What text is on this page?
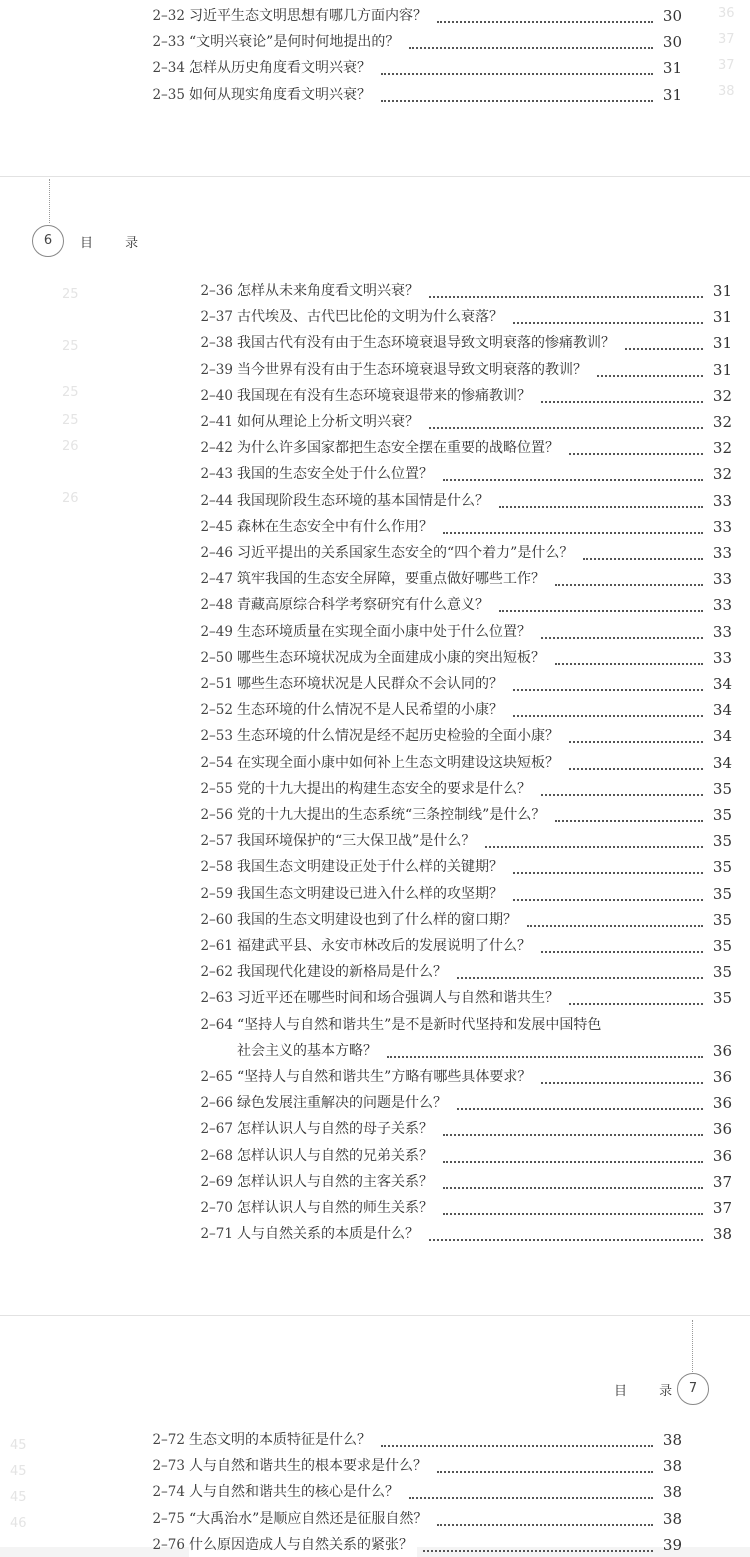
36
37
37
38
2–32 习近平生态文明思想有哪几方面内容？	30
2–33 “文明兴衰论”是何时何地提出的？	30
2–34 怎样从历史角度看文明兴衰？	31
2–35 如何从现实角度看文明兴衰？	31
6	目 录
25
25
25
25
26
26
2–36 怎样从未来角度看文明兴衰？	31
2–37 古代埃及、古代巴比伦的文明为什么衰落？	31
2–38 我国古代有没有由于生态环境衰退导致文明衰落的惨痛教训？	31
2–39 当今世界有没有由于生态环境衰退导致文明衰落的教训？	31
2–40 我国现在有没有生态环境衰退带来的惨痛教训？	32
2–41 如何从理论上分析文明兴衰？	32
2–42 为什么许多国家都把生态安全摆在重要的战略位置？	32
2–43 我国的生态安全处于什么位置？	32
2–44 我国现阶段生态环境的基本国情是什么？	33
2–45 森林在生态安全中有什么作用？	33
2–46 习近平提出的关系国家生态安全的“四个着力”是什么？	33
2–47 筑牢我国的生态安全屏障，要重点做好哪些工作？	33
2–48 青藏高原综合科学考察研究有什么意义？	33
2–49 生态环境质量在实现全面小康中处于什么位置？	33
2–50 哪些生态环境状况成为全面建成小康的突出短板？	33
2–51 哪些生态环境状况是人民群众不会认同的？	34
2–52 生态环境的什么情况不是人民希望的小康？	34
2–53 生态环境的什么情况是经不起历史检验的全面小康？	34
2–54 在实现全面小康中如何补上生态文明建设这块短板？	34
2–55 党的十九大提出的构建生态安全的要求是什么？	35
2–56 党的十九大提出的生态系统“三条控制线”是什么？	35
2–57 我国环境保护的“三大保卫战”是什么？	35
2–58 我国生态文明建设正处于什么样的关键期？	35
2–59 我国生态文明建设已进入什么样的攻坚期？	35
2–60 我国的生态文明建设也到了什么样的窗口期？	35
2–61 福建武平县、永安市林改后的发展说明了什么？	35
2–62 我国现代化建设的新格局是什么？	35
2–63 习近平还在哪些时间和场合强调人与自然和谐共生？	35
2–64 “坚持人与自然和谐共生”是不是新时代坚持和发展中国特色
社会主义的基本方略？	36
2–65 “坚持人与自然和谐共生”方略有哪些具体要求？	36
2–66 绿色发展注重解决的问题是什么？	36
2–67 怎样认识人与自然的母子关系？	36
2–68 怎样认识人与自然的兄弟关系？	36
2–69 怎样认识人与自然的主客关系？	37
2–70 怎样认识人与自然的师生关系？	37
2–71 人与自然关系的本质是什么？	38
目 录 7
45
45
45
46
2–72 生态文明的本质特征是什么？	38
2–73 人与自然和谐共生的根本要求是什么？	38
2–74 人与自然和谐共生的核心是什么？	38
2–75 “大禹治水”是顺应自然还是征服自然？	38
2–76 什么原因造成人与自然关系的紧张？	39
